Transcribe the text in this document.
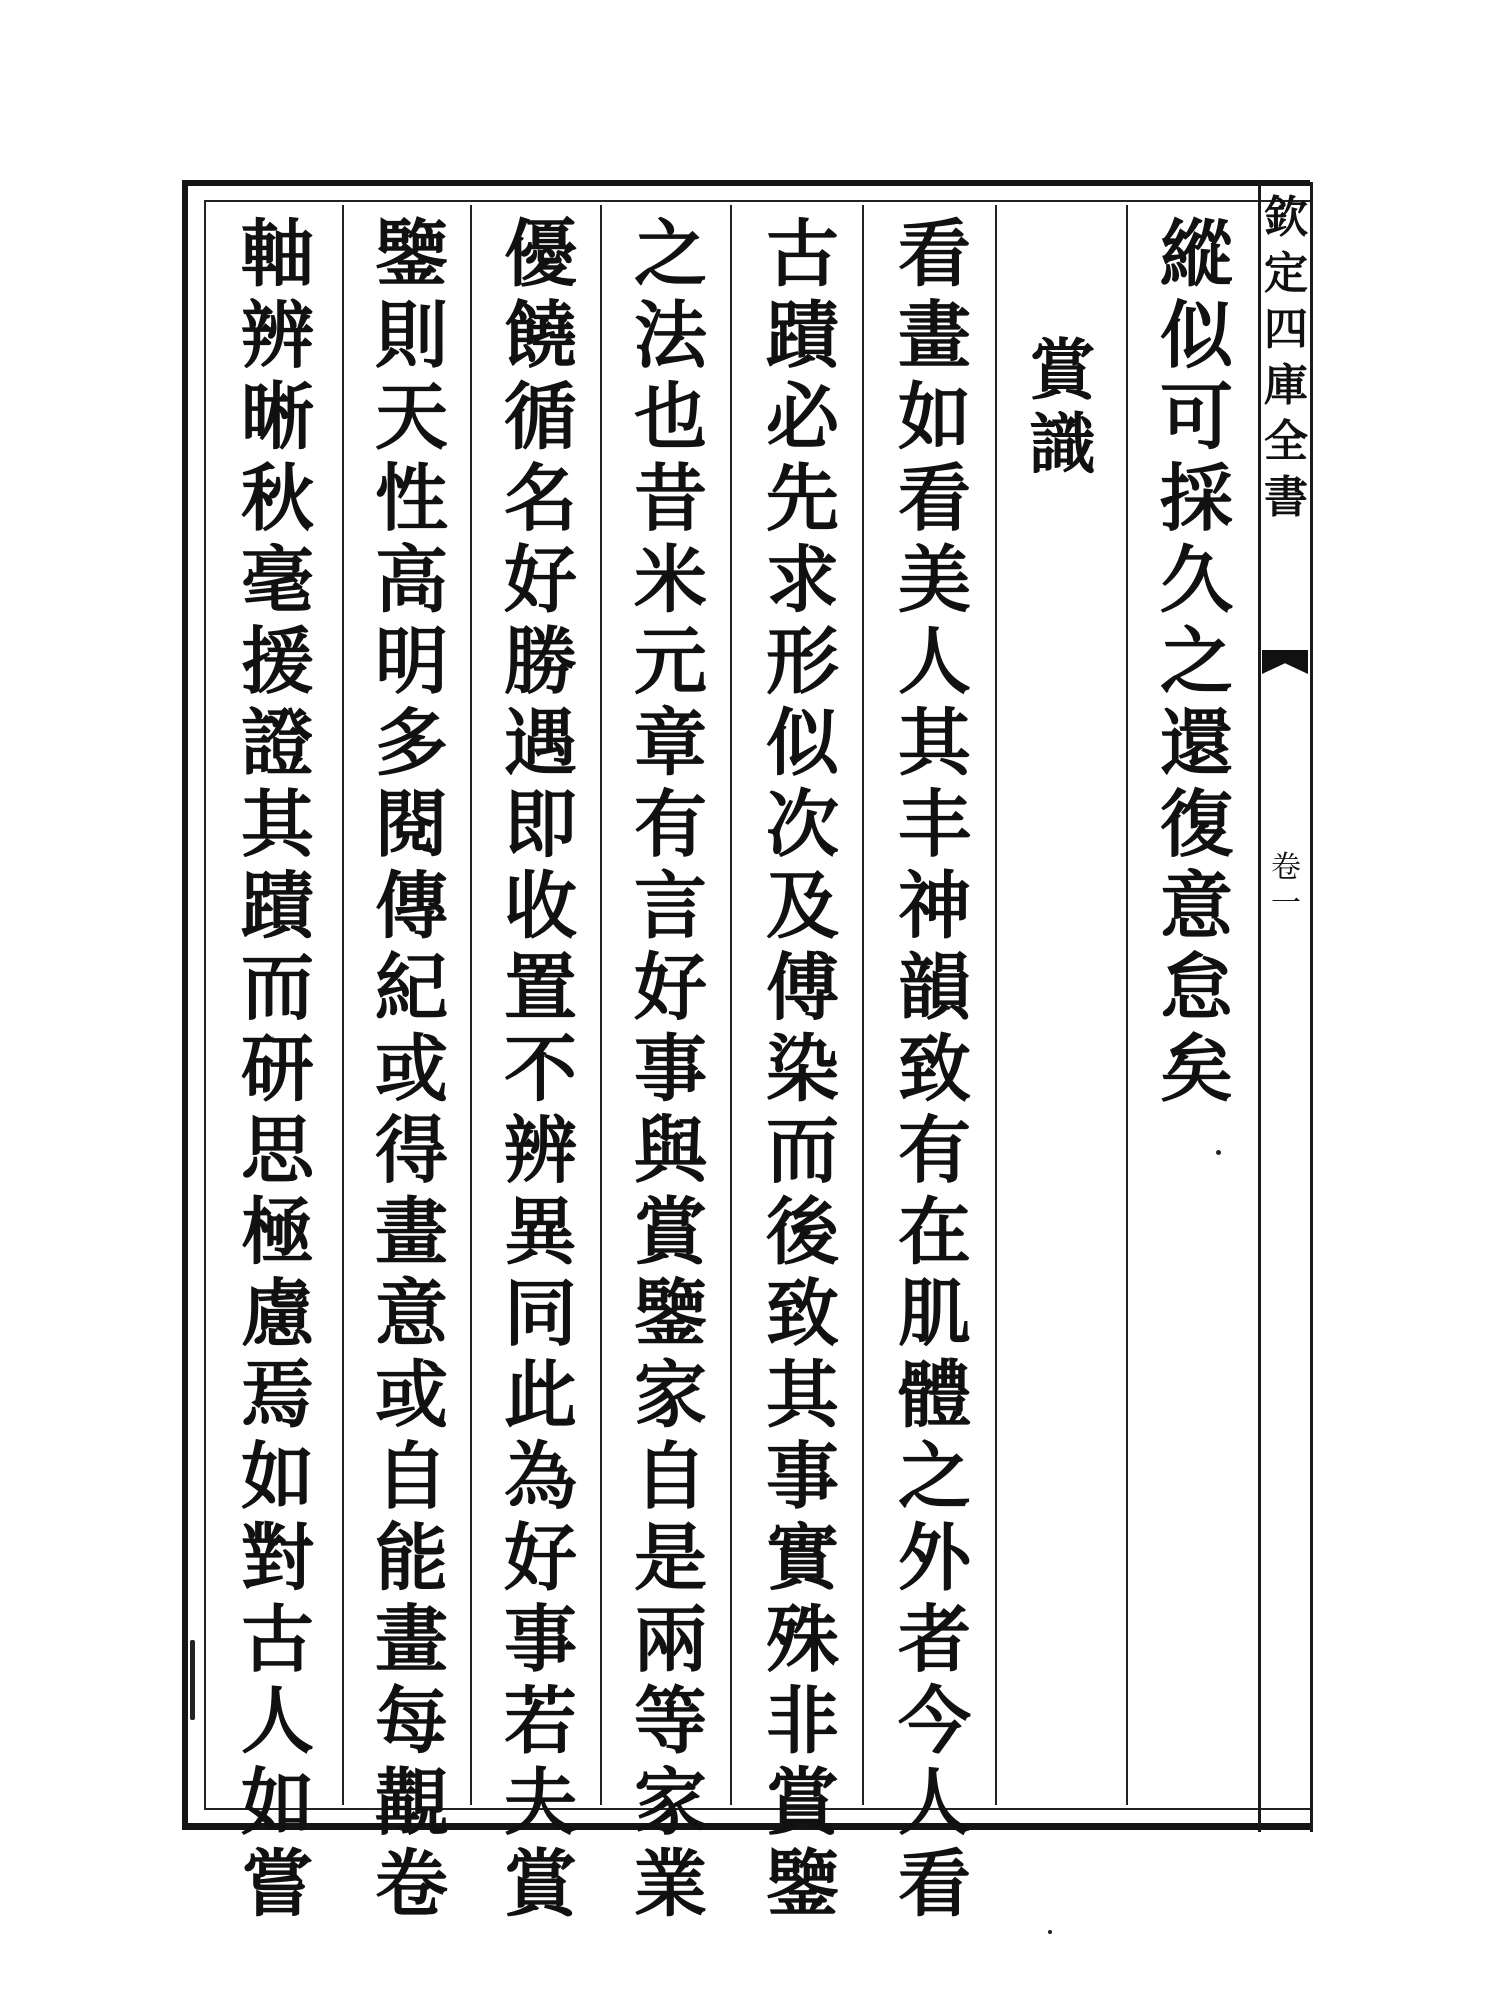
欽定四庫全書
卷一
縱似可採久之還復意怠矣
賞識
看畫如看美人其丰神韻致有在肌體之外者今人看
古蹟必先求形似次及傅染而後致其事實殊非賞鑒
之法也昔米元章有言好事與賞鑒家自是兩等家業
優饒循名好勝遇即收置不辨異同此為好事若夫賞
鑒則天性高明多閱傳紀或得畫意或自能畫每覯卷
軸辨晰秋毫援證其蹟而研思極慮焉如對古人如嘗
